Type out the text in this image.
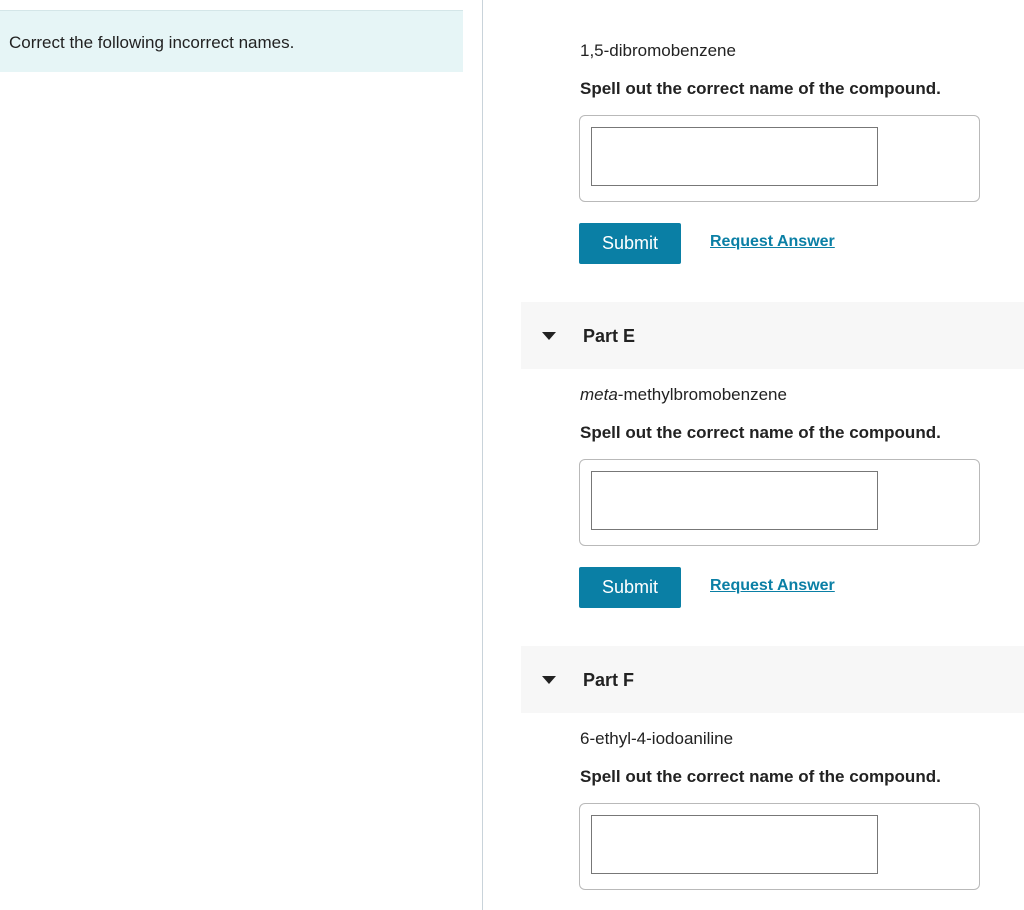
Correct the following incorrect names.	1,5-dibromobenzene
Spell out the correct name of the compound.
Submit	Request Answer
Part E
meta-methylbromobenzene
Spell out the correct name of the compound.
Submit	Request Answer
Part F
6-ethyl-4-iodoaniline
Spell out the correct name of the compound.
